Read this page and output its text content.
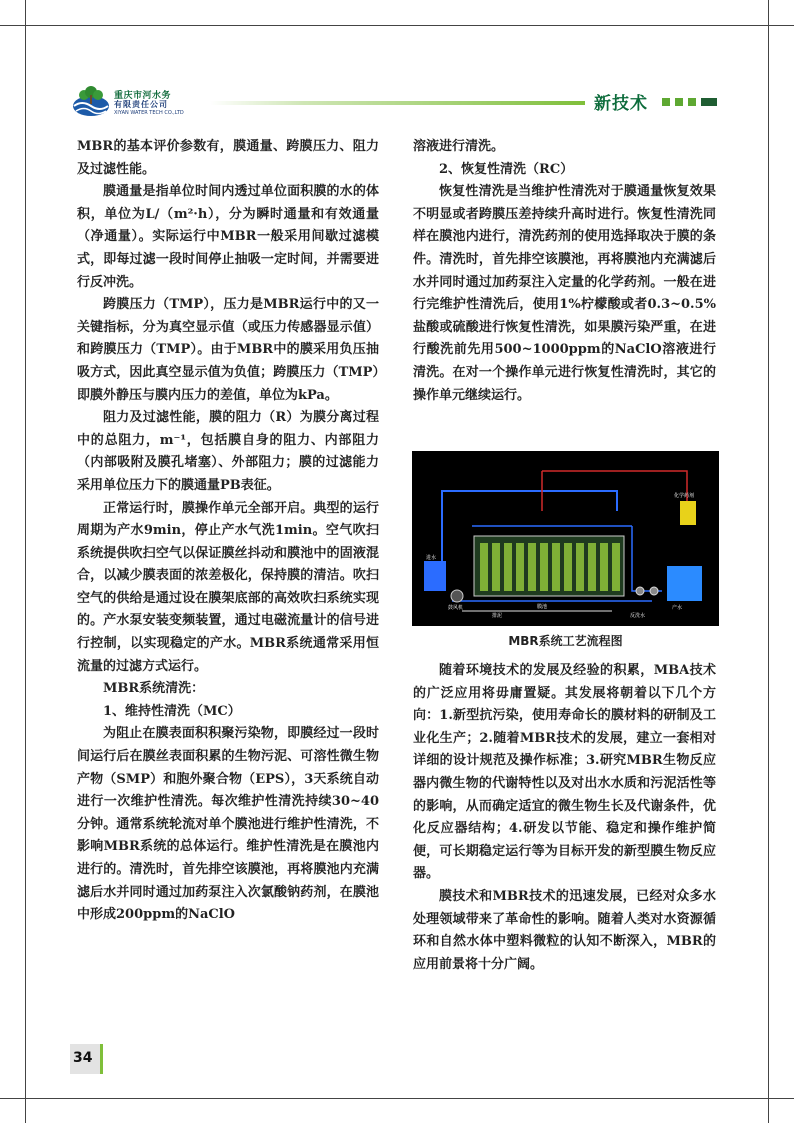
重庆市河水务
有限责任公司
XIYAN WATER TECH CO.,LTD	新技术

MBR的基本评价参数有，膜通量、跨膜压力、阻力及过滤性能。

膜通量是指单位时间内透过单位面积膜的水的体积，单位为L/（m²·h），分为瞬时通量和有效通量（净通量）。实际运行中MBR一般采用间歇过滤模式，即每过滤一段时间停止抽吸一定时间，并需要进行反冲洗。

跨膜压力（TMP），压力是MBR运行中的又一关键指标，分为真空显示值（或压力传感器显示值）和跨膜压力（TMP）。由于MBR中的膜采用负压抽吸方式，因此真空显示值为负值；跨膜压力（TMP）即膜外静压与膜内压力的差值，单位为kPa。

阻力及过滤性能，膜的阻力（R）为膜分离过程中的总阻力，m⁻¹，包括膜自身的阻力、内部阻力（内部吸附及膜孔堵塞）、外部阻力；膜的过滤能力采用单位压力下的膜通量PB表征。

正常运行时，膜操作单元全部开启。典型的运行周期为产水9min，停止产水气洗1min。空气吹扫系统提供吹扫空气以保证膜丝抖动和膜池中的固液混合，以减少膜表面的浓差极化，保持膜的清洁。吹扫空气的供给是通过设在膜架底部的高效吹扫系统实现的。产水泵安装变频装置，通过电磁流量计的信号进行控制，以实现稳定的产水。MBR系统通常采用恒流量的过滤方式运行。

MBR系统清洗：

1、维持性清洗（MC）

为阻止在膜表面积积聚污染物，即膜经过一段时间运行后在膜丝表面积累的生物污泥、可溶性微生物产物（SMP）和胞外聚合物（EPS），3天系统自动进行一次维护性清洗。每次维护性清洗持续30~40分钟。通常系统轮流对单个膜池进行维护性清洗，不影响MBR系统的总体运行。维护性清洗是在膜池内进行的。清洗时，首先排空该膜池，再将膜池内充满滤后水并同时通过加药泵注入次氯酸钠药剂，在膜池中形成200ppm的NaClO

溶液进行清洗。

2、恢复性清洗（RC）

恢复性清洗是当维护性清洗对于膜通量恢复效果不明显或者跨膜压差持续升高时进行。恢复性清洗同样在膜池内进行，清洗药剂的使用选择取决于膜的条件。清洗时，首先排空该膜池，再将膜池内充满滤后水并同时通过加药泵注入定量的化学药剂。一般在进行完维护性清洗后，使用1%柠檬酸或者0.3~0.5%盐酸或硫酸进行恢复性清洗，如果膜污染严重，在进行酸洗前先用500~1000ppm的NaClO溶液进行清洗。在对一个操作单元进行恢复性清洗时，其它的操作单元继续运行。

进水
膜池
鼓风机
化学药剂
产水
反洗水
排泥
MBR系统工艺流程图

随着环境技术的发展及经验的积累，MBA技术的广泛应用将毋庸置疑。其发展将朝着以下几个方向：1.新型抗污染，使用寿命长的膜材料的研制及工业化生产；2.随着MBR技术的发展，建立一套相对详细的设计规范及操作标准；3.研究MBR生物反应器内微生物的代谢特性以及对出水水质和污泥活性等的影响，从而确定适宜的微生物生长及代谢条件，优化反应器结构；4.研发以节能、稳定和操作维护简便，可长期稳定运行等为目标开发的新型膜生物反应器。

膜技术和MBR技术的迅速发展，已经对众多水处理领域带来了革命性的影响。随着人类对水资源循环和自然水体中塑料微粒的认知不断深入，MBR的应用前景将十分广阔。

34
